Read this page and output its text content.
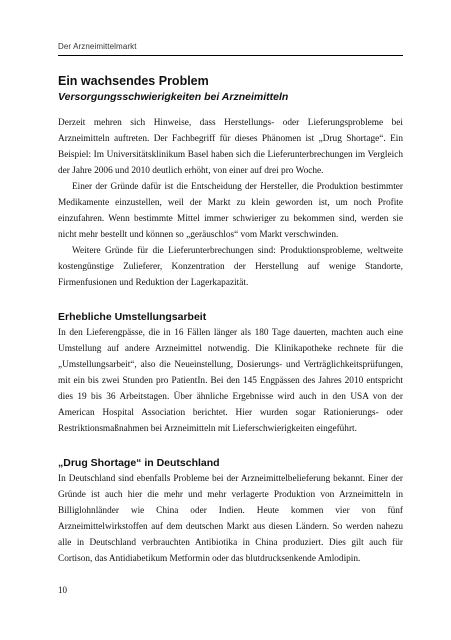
Der Arzneimittelmarkt
Ein wachsendes Problem
Versorgungsschwierigkeiten bei Arzneimitteln

Derzeit mehren sich Hinweise, dass Herstellungs- oder Lieferungsprobleme bei Arzneimitteln auftreten. Der Fachbegriff für dieses Phänomen ist „Drug Shortage“. Ein Beispiel: Im Universitätsklinikum Basel haben sich die Lieferunterbrechungen im Vergleich der Jahre 2006 und 2010 deutlich erhöht, von einer auf drei pro Woche.

Einer der Gründe dafür ist die Entscheidung der Hersteller, die Produktion bestimmter Medikamente einzustellen, weil der Markt zu klein geworden ist, um noch Profite einzufahren. Wenn bestimmte Mittel immer schwieriger zu bekommen sind, werden sie nicht mehr bestellt und können so „geräuschlos“ vom Markt verschwinden.

Weitere Gründe für die Lieferunterbrechungen sind: Produktionsprobleme, weltweite kostengünstige Zulieferer, Konzentration der Herstellung auf wenige Standorte, Firmenfusionen und Reduktion der Lagerkapazität.

Erhebliche Umstellungsarbeit

In den Lieferengpässe, die in 16 Fällen länger als 180 Tage dauerten, machten auch eine Umstellung auf andere Arzneimittel notwendig. Die Klinikapotheke rechnete für die „Umstellungsarbeit“, also die Neueinstellung, Dosierungs- und Verträglichkeitsprüfungen, mit ein bis zwei Stunden pro PatientIn. Bei den 145 Engpässen des Jahres 2010 entspricht dies 19 bis 36 Arbeitstagen. Über ähnliche Ergebnisse wird auch in den USA von der American Hospital Association berichtet. Hier wurden sogar Rationierungs- oder Restriktionsmaßnahmen bei Arzneimitteln mit Lieferschwierigkeiten eingeführt.

„Drug Shortage“ in Deutschland

In Deutschland sind ebenfalls Probleme bei der Arzneimittelbelieferung bekannt. Einer der Gründe ist auch hier die mehr und mehr verlagerte Produktion von Arzneimitteln in Billiglohnländer wie China oder Indien. Heute kommen vier von fünf Arzneimittelwirkstoffen auf dem deutschen Markt aus diesen Ländern. So werden nahezu alle in Deutschland verbrauchten Antibiotika in China produziert. Dies gilt auch für Cortison, das Antidiabetikum Metformin oder das blutdrucksenkende Amlodipin.

10
